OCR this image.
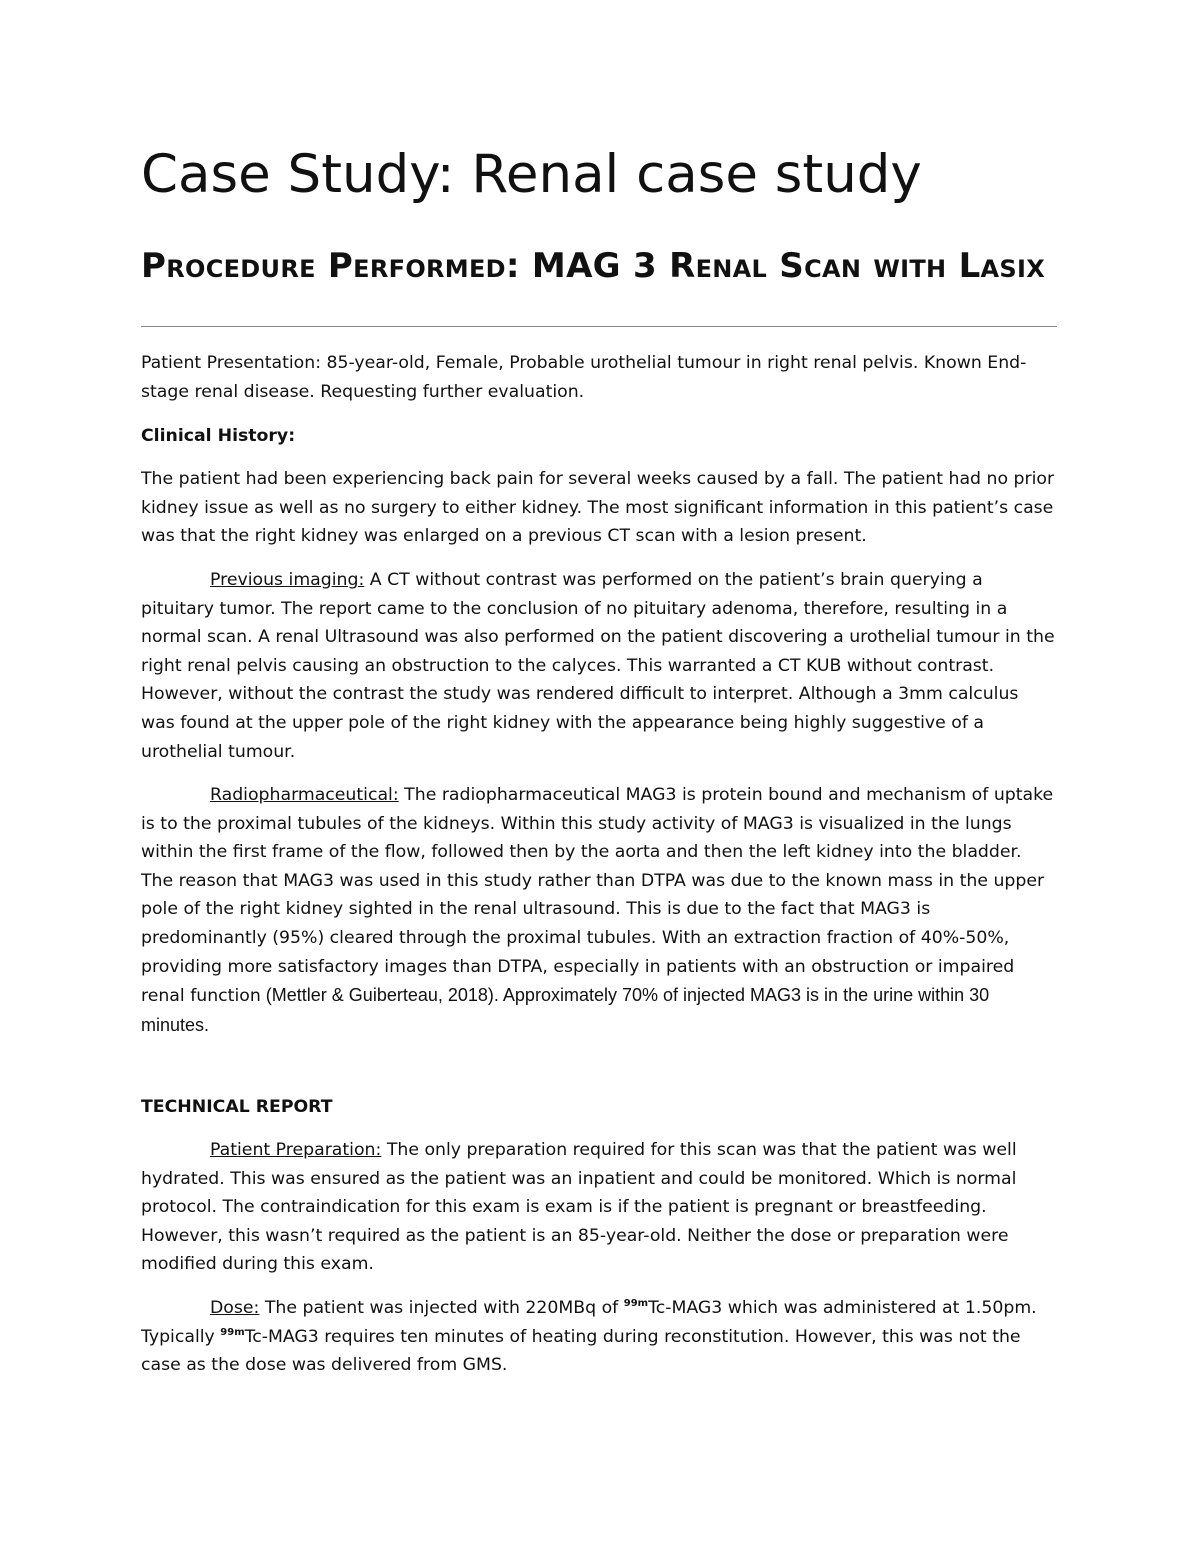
Case Study: Renal case study
Procedure Performed: MAG 3 Renal Scan with Lasix

Patient Presentation: 85-year-old, Female, Probable urothelial tumour in right renal pelvis. Known End-stage renal disease. Requesting further evaluation.

Clinical History:

The patient had been experiencing back pain for several weeks caused by a fall. The patient had no prior kidney issue as well as no surgery to either kidney. The most significant information in this patient’s case was that the right kidney was enlarged on a previous CT scan with a lesion present.

Previous imaging: A CT without contrast was performed on the patient’s brain querying a pituitary tumor. The report came to the conclusion of no pituitary adenoma, therefore, resulting in a normal scan. A renal Ultrasound was also performed on the patient discovering a urothelial tumour in the right renal pelvis causing an obstruction to the calyces. This warranted a CT KUB without contrast. However, without the contrast the study was rendered difficult to interpret. Although a 3mm calculus was found at the upper pole of the right kidney with the appearance being highly suggestive of a urothelial tumour.

Radiopharmaceutical: The radiopharmaceutical MAG3 is protein bound and mechanism of uptake is to the proximal tubules of the kidneys. Within this study activity of MAG3 is visualized in the lungs within the first frame of the flow, followed then by the aorta and then the left kidney into the bladder. The reason that MAG3 was used in this study rather than DTPA was due to the known mass in the upper pole of the right kidney sighted in the renal ultrasound. This is due to the fact that MAG3 is predominantly (95%) cleared through the proximal tubules. With an extraction fraction of 40%-50%, providing more satisfactory images than DTPA, especially in patients with an obstruction or impaired renal function (Mettler & Guiberteau, 2018). Approximately 70% of injected MAG3 is in the urine within 30 minutes.

TECHNICAL REPORT

Patient Preparation: The only preparation required for this scan was that the patient was well hydrated. This was ensured as the patient was an inpatient and could be monitored. Which is normal protocol. The contraindication for this exam is exam is if the patient is pregnant or breastfeeding. However, this wasn’t required as the patient is an 85-year-old. Neither the dose or preparation were modified during this exam.

Dose: The patient was injected with 220MBq of $^{99m}$Tc-MAG3 which was administered at 1.50pm. Typically $^{99m}$Tc-MAG3 requires ten minutes of heating during reconstitution. However, this was not the case as the dose was delivered from GMS.
